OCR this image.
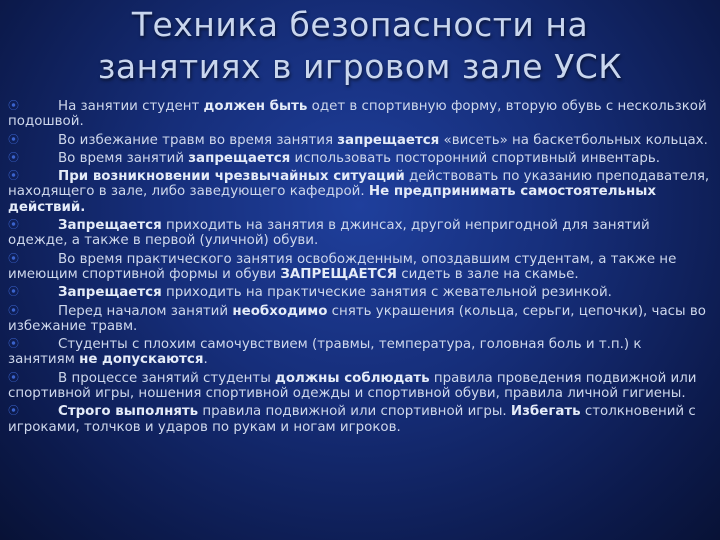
Техника безопасности на
занятиях в игровом зале УСК
⦿	На занятии студент должен быть одет в спортивную форму, вторую обувь с нескользкой подошвой.
⦿	Во избежание травм во время занятия запрещается «висеть» на баскетбольных кольцах.
⦿	Во время занятий запрещается использовать посторонний спортивный инвентарь.
⦿	При возникновении чрезвычайных ситуаций действовать по указанию преподавателя, находящего в зале, либо заведующего кафедрой. Не предпринимать самостоятельных действий.
⦿	Запрещается приходить на занятия в джинсах, другой непригодной для занятий одежде, а также в первой (уличной) обуви.
⦿	Во время практического занятия освобожденным, опоздавшим студентам, а также не имеющим спортивной формы и обуви ЗАПРЕЩАЕТСЯ сидеть в зале на скамье.
⦿	Запрещается приходить на практические занятия с жевательной резинкой.
⦿	Перед началом занятий необходимо снять украшения (кольца, серьги, цепочки), часы во избежание травм.
⦿	Студенты с плохим самочувствием (травмы, температура, головная боль и т.п.) к занятиям не допускаются.
⦿	В процессе занятий студенты должны соблюдать правила проведения подвижной или спортивной игры, ношения спортивной одежды и спортивной обуви, правила личной гигиены.
⦿	Строго выполнять правила подвижной или спортивной игры. Избегать столкновений с игроками, толчков и ударов по рукам и ногам игроков.
